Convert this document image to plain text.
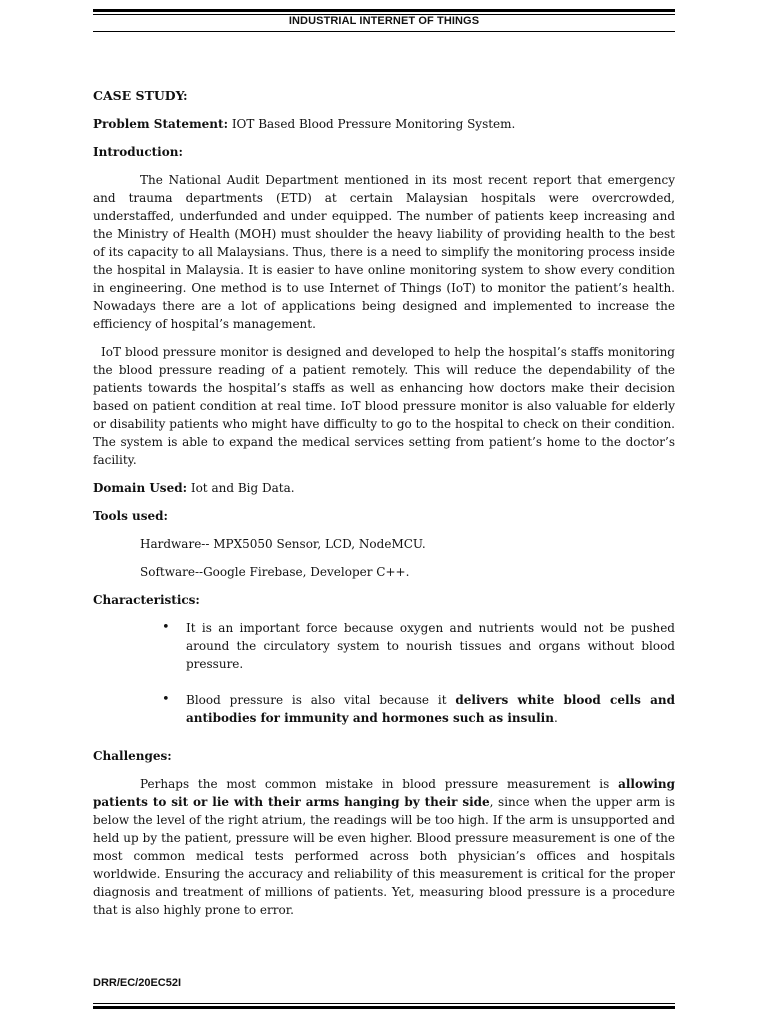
INDUSTRIAL INTERNET OF THINGS

CASE STUDY:

Problem Statement: IOT Based Blood Pressure Monitoring System.

Introduction:

The National Audit Department mentioned in its most recent report that emergency and trauma departments (ETD) at certain Malaysian hospitals were overcrowded, understaffed, underfunded and under equipped. The number of patients keep increasing and the Ministry of Health (MOH) must shoulder the heavy liability of providing health to the best of its capacity to all Malaysians. Thus, there is a need to simplify the monitoring process inside the hospital in Malaysia. It is easier to have online monitoring system to show every condition in engineering. One method is to use Internet of Things (IoT) to monitor the patient’s health. Nowadays there are a lot of applications being designed and implemented to increase the efficiency of hospital’s management.

IoT blood pressure monitor is designed and developed to help the hospital’s staffs monitoring the blood pressure reading of a patient remotely. This will reduce the dependability of the patients towards the hospital’s staffs as well as enhancing how doctors make their decision based on patient condition at real time. IoT blood pressure monitor is also valuable for elderly or disability patients who might have difficulty to go to the hospital to check on their condition. The system is able to expand the medical services setting from patient’s home to the doctor’s facility.

Domain Used: Iot and Big Data.

Tools used:

Hardware-- MPX5050 Sensor, LCD, NodeMCU.

Software--Google Firebase, Developer C++.

Characteristics:

• It is an important force because oxygen and nutrients would not be pushed around the circulatory system to nourish tissues and organs without blood pressure.
• Blood pressure is also vital because it delivers white blood cells and antibodies for immunity and hormones such as insulin.

Challenges:

Perhaps the most common mistake in blood pressure measurement is allowing patients to sit or lie with their arms hanging by their side, since when the upper arm is below the level of the right atrium, the readings will be too high. If the arm is unsupported and held up by the patient, pressure will be even higher. Blood pressure measurement is one of the most common medical tests performed across both physician’s offices and hospitals worldwide. Ensuring the accuracy and reliability of this measurement is critical for the proper diagnosis and treatment of millions of patients. Yet, measuring blood pressure is a procedure that is also highly prone to error.

DRR/EC/20EC52I
